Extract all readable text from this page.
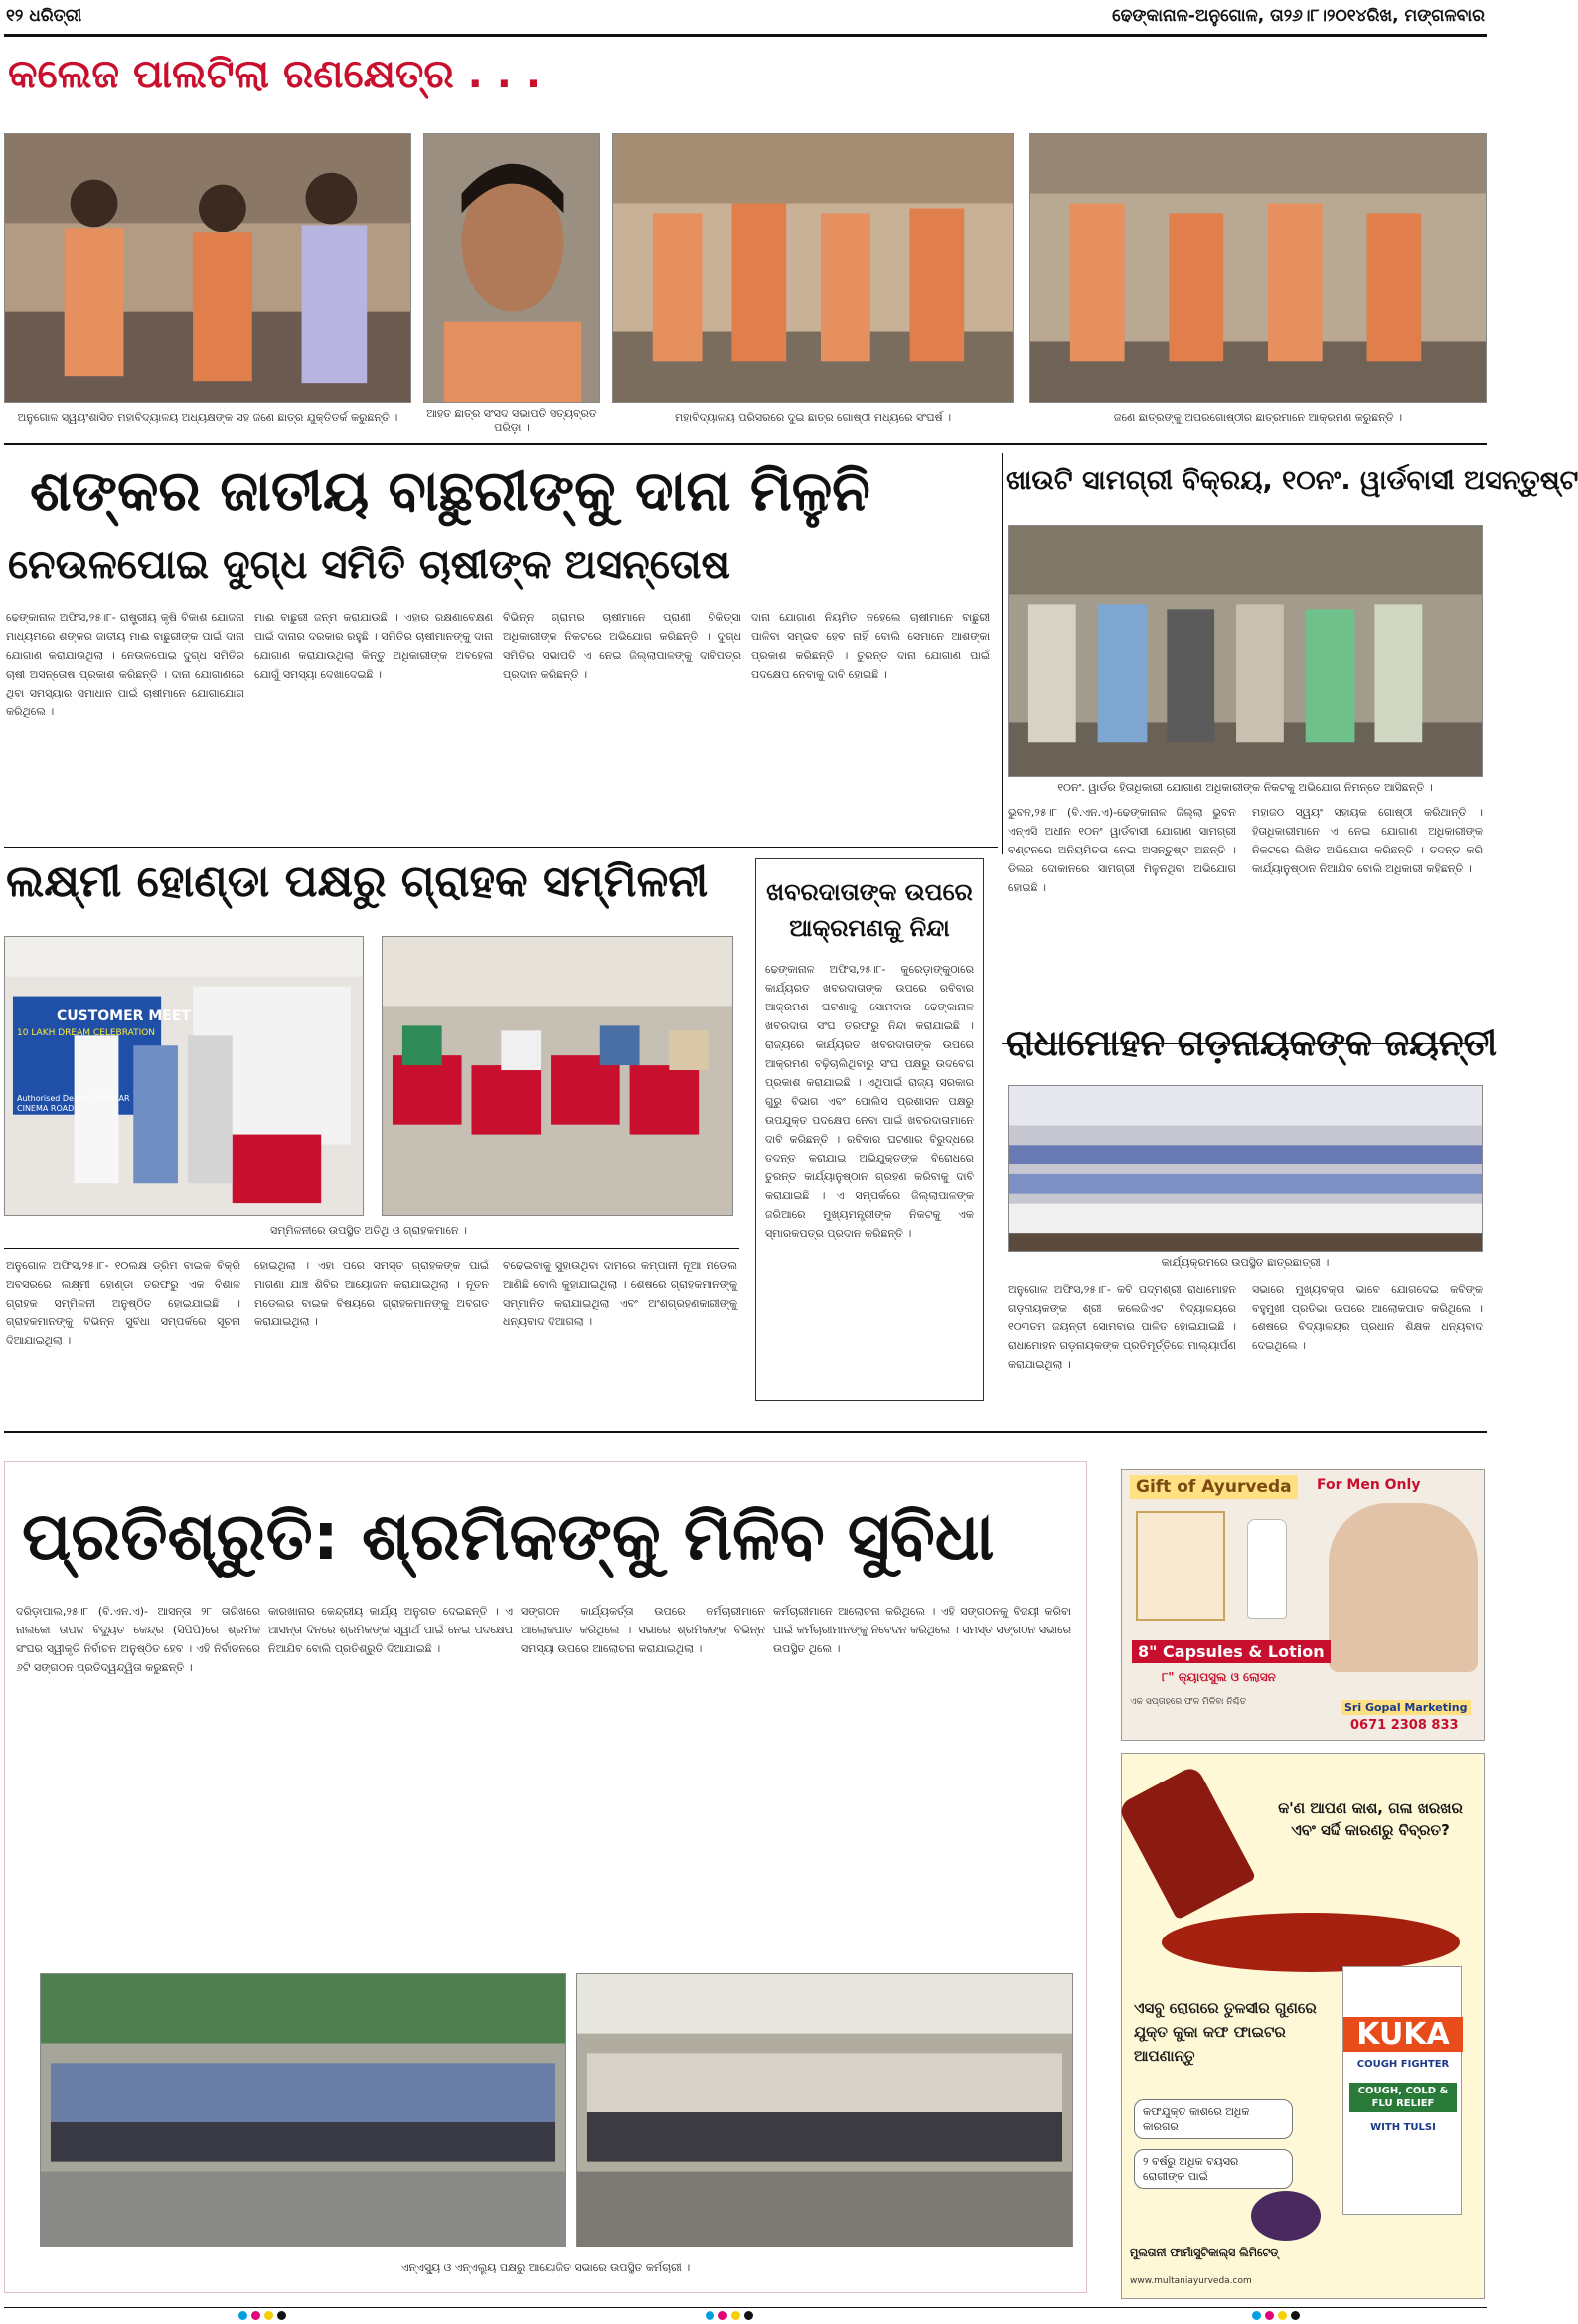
୧୨ ଧରିତ୍ରୀ	ଢେଙ୍କାନାଳ-ଅନୁଗୋଳ, ତା୨୬।୮।୨୦୧୪ରିଖ, ମଙ୍ଗଳବାର
କଲେଜ ପାଲଟିଲା ରଣକ୍ଷେତ୍ର . . .
ଅନୁଗୋଳ ସ୍ୱୟଂଶାସିତ ମହାବିଦ୍ୟାଳୟ ଅଧ୍ୟକ୍ଷଙ୍କ ସହ ଜଣେ ଛାତ୍ର ଯୁକ୍ତିତର୍କ କରୁଛନ୍ତି ।	ଆହତ ଛାତ୍ର ସଂସଦ ସଭାପତି ସତ୍ୟବ୍ରତ ପରିଡ଼ା ।
ମହାବିଦ୍ୟାଳୟ ପରିସରରେ ଦୁଇ ଛାତ୍ର ଗୋଷ୍ଠୀ ମଧ୍ୟରେ ସଂଘର୍ଷ ।	ଜଣେ ଛାତ୍ରଙ୍କୁ ଅପରଗୋଷ୍ଠୀର ଛାତ୍ରମାନେ ଆକ୍ରମଣ କରୁଛନ୍ତି ।
ଶଙ୍କର ଜାତୀୟ ବାଛୁରୀଙ୍କୁ ଦାନା ମିଳୁନି
ନେଉଳପୋଇ ଦୁଗ୍ଧ ସମିତି ଚାଷୀଙ୍କ ଅସନ୍ତୋଷ
ଢେଙ୍କାନାଳ ଅଫିସ,୨୫।୮- ରାଷ୍ଟ୍ରୀୟ କୃଷି ବିକାଶ ଯୋଜନା ମାଧ୍ୟମରେ ଶଙ୍କର ଜାତୀୟ ମାଈ ବାଛୁରୀଙ୍କ ପାଇଁ ଦାନା ଯୋଗାଣ କରାଯାଉଥିଲା । ନେଉଳପୋଇ ଦୁଗ୍ଧ ସମିତିର ଚାଷୀ ଅସନ୍ତୋଷ ପ୍ରକାଶ କରିଛନ୍ତି । ଦାନା ଯୋଗାଣରେ ଥିବା ସମସ୍ୟାର ସମାଧାନ ପାଇଁ ଚାଷୀମାନେ ଯୋଗାଯୋଗ କରିଥିଲେ ।
ମାଈ ବାଛୁରୀ ଜନ୍ମ କରାଯାଉଛି । ଏହାର ରକ୍ଷଣାବେକ୍ଷଣ ପାଇଁ ଦାନାର ଦରକାର ରହୁଛି । ସମିତିର ଚାଷୀମାନଙ୍କୁ ଦାନା ଯୋଗାଣ କରାଯାଉଥିଲା କିନ୍ତୁ ଅଧିକାରୀଙ୍କ ଅବହେଳା ଯୋଗୁଁ ସମସ୍ୟା ଦେଖାଦେଇଛି ।
ବିଭିନ୍ନ ଗ୍ରାମର ଚାଷୀମାନେ ପ୍ରାଣୀ ଚିକିତ୍ସା ଅଧିକାରୀଙ୍କ ନିକଟରେ ଅଭିଯୋଗ କରିଛନ୍ତି । ଦୁଗ୍ଧ ସମିତିର ସଭାପତି ଏ ନେଇ ଜିଲ୍ଲାପାଳଙ୍କୁ ଦାବିପତ୍ର ପ୍ରଦାନ କରିଛନ୍ତି ।
ଦାନା ଯୋଗାଣ ନିୟମିତ ନହେଲେ ଚାଷୀମାନେ ବାଛୁରୀ ପାଳିବା ସମ୍ଭବ ହେବ ନାହିଁ ବୋଲି ସେମାନେ ଆଶଙ୍କା ପ୍ରକାଶ କରିଛନ୍ତି । ତୁରନ୍ତ ଦାନା ଯୋଗାଣ ପାଇଁ ପଦକ୍ଷେପ ନେବାକୁ ଦାବି ହୋଇଛି ।
ଖାଉଟି ସାମଗ୍ରୀ ବିକ୍ରୟ, ୧୦ନଂ. ୱାର୍ଡବାସୀ ଅସନ୍ତୁଷ୍ଟ
୧୦ନଂ. ୱାର୍ଡର ହିତାଧିକାରୀ ଯୋଗାଣ ଅଧିକାରୀଙ୍କ ନିକଟକୁ ଅଭିଯୋଗ ନିମନ୍ତେ ଆସିଛନ୍ତି ।
ଭୁବନ,୨୫।୮ (ବି.ଏନ.ଏ)-ଢେଙ୍କାନାଳ ଜିଲ୍ଲା ଭୁବନ ଏନ୍ଏସି ଅଧୀନ ୧୦ନଂ ୱାର୍ଡବାସୀ ଯୋଗାଣ ସାମଗ୍ରୀ ବଣ୍ଟନରେ ଅନିୟମିତତା ନେଇ ଅସନ୍ତୁଷ୍ଟ ଅଛନ୍ତି । ଡିଲର ଦୋକାନରେ ସାମଗ୍ରୀ ମିଳୁନଥିବା ଅଭିଯୋଗ ହୋଇଛି ।
ମହାଜଠ ସ୍ୱୟଂ ସହାୟକ ଗୋଷ୍ଠୀ କରିଥାନ୍ତି । ହିତାଧିକାରୀମାନେ ଏ ନେଇ ଯୋଗାଣ ଅଧିକାରୀଙ୍କ ନିକଟରେ ଲିଖିତ ଅଭିଯୋଗ କରିଛନ୍ତି । ତଦନ୍ତ କରି କାର୍ଯ୍ୟାନୁଷ୍ଠାନ ନିଆଯିବ ବୋଲି ଅଧିକାରୀ କହିଛନ୍ତି ।
ଲକ୍ଷ୍ମୀ ହୋଣ୍ଡା ପକ୍ଷରୁ ଗ୍ରାହକ ସମ୍ମିଳନୀ
CUSTOMER MEET
10 LAKH DREAM CELEBRATION
Authorised Dealer SHANKAR CINEMA ROAD
ସମ୍ମିଳନୀରେ ଉପସ୍ଥିତ ଅତିଥି ଓ ଗ୍ରାହକମାନେ ।
ଅନୁଗୋଳ ଅଫିସ,୨୫।୮- ୧୦ଲକ୍ଷ ଡ୍ରିମ ବାଇକ ବିକ୍ରି ଅବସରରେ ଲକ୍ଷ୍ମୀ ହୋଣ୍ଡା ତରଫରୁ ଏକ ବିଶାଳ ଗ୍ରାହକ ସମ୍ମିଳନୀ ଅନୁଷ୍ଠିତ ହୋଇଯାଇଛି । ଗ୍ରାହକମାନଙ୍କୁ ବିଭିନ୍ନ ସୁବିଧା ସମ୍ପର୍କରେ ସୂଚନା ଦିଆଯାଇଥିଲା ।
ହୋଇଥିଲା । ଏହା ପରେ ସମସ୍ତ ଗ୍ରାହକଙ୍କ ପାଇଁ ମାଗଣା ଯାଞ୍ଚ ଶିବିର ଆୟୋଜନ କରାଯାଇଥିଲା । ନୂତନ ମଡେଲର ବାଇକ ବିଷୟରେ ଗ୍ରାହକମାନଙ୍କୁ ଅବଗତ କରାଯାଇଥିଲା ।
ବଢେଇବାକୁ ସୁହାଉଥିବା ଦାମରେ କମ୍ପାନୀ ନୂଆ ମଡେଲ ଆଣିଛି ବୋଲି କୁହାଯାଇଥିଲା । ଶେଷରେ ଗ୍ରାହକମାନଙ୍କୁ ସମ୍ମାନିତ କରାଯାଇଥିଲା ଏବଂ ଅଂଶଗ୍ରହଣକାରୀଙ୍କୁ ଧନ୍ୟବାଦ ଦିଆଗଲା ।
ଖବରଦାତାଙ୍କ ଉପରେ ଆକ୍ରମଣକୁ ନିନ୍ଦା
ଢେଙ୍କାନାଳ ଅଫିସ,୨୫।୮- କୁରେଡ଼ାଙ୍କୁଠାରେ କାର୍ଯ୍ୟରତ ଖବରଦାତାଙ୍କ ଉପରେ ରବିବାର ଆକ୍ରମଣ ଘଟଣାକୁ ସୋମବାର ଢେଙ୍କାନାଳ ଖବରଦାତା ସଂଘ ତରଫରୁ ନିନ୍ଦା କରାଯାଇଛି । ରାଜ୍ୟରେ କାର୍ଯ୍ୟରତ ଖବରଦାତାଙ୍କ ଉପରେ ଆକ୍ରମଣ ବଢ଼ିଚାଲିଥିବାରୁ ସଂଘ ପକ୍ଷରୁ ଉଦବେଗ ପ୍ରକାଶ କରାଯାଇଛି । ଏଥିପାଇଁ ରାଜ୍ୟ ସରକାର ଗୁରୁ ବିଭାଗ ଏବଂ ପୋଲିସ ପ୍ରଶାସନ ପକ୍ଷରୁ ଉପଯୁକ୍ତ ପଦକ୍ଷେପ ନେବା ପାଇଁ ଖବରଦାତାମାନେ ଦାବି କରିଛନ୍ତି । ରବିବାର ଘଟଣାର ବିରୁଦ୍ଧରେ ତଦନ୍ତ କରାଯାଇ ଅଭିଯୁକ୍ତଙ୍କ ବିରୋଧରେ ତୁରନ୍ତ କାର୍ଯ୍ୟାନୁଷ୍ଠାନ ଗ୍ରହଣ କରିବାକୁ ଦାବି କରାଯାଇଛି । ଏ ସମ୍ପର୍କରେ ଜିଲ୍ଲାପାଳଙ୍କ ଜରିଆରେ ମୁଖ୍ୟମନ୍ତ୍ରୀଙ୍କ ନିକଟକୁ ଏକ ସ୍ମାରକପତ୍ର ପ୍ରଦାନ କରିଛନ୍ତି ।
ରାଧାମୋହନ ଗଡ଼ନାୟକଙ୍କ ଜୟନ୍ତୀ
କାର୍ଯ୍ୟକ୍ରମରେ ଉପସ୍ଥିତ ଛାତ୍ରଛାତ୍ରୀ ।
ଅନୁଗୋଳ ଅଫିସ,୨୫।୮- କବି ପଦ୍ମଶ୍ରୀ ରାଧାମୋହନ ଗଡ଼ନାୟକଙ୍କ ଶ୍ରୀ କଲେଜିଏଟ ବିଦ୍ୟାଳୟରେ ୧୦୩ତମ ଜୟନ୍ତୀ ସୋମବାର ପାଳିତ ହୋଇଯାଇଛି । ରାଧାମୋହନ ଗଡ଼ନାୟକଙ୍କ ପ୍ରତିମୂର୍ତ୍ତିରେ ମାଲ୍ୟାର୍ପଣ କରାଯାଇଥିଲା ।
ସଭାରେ ମୁଖ୍ୟବକ୍ତା ଭାବେ ଯୋଗଦେଇ କବିଙ୍କ ବହୁମୁଖୀ ପ୍ରତିଭା ଉପରେ ଆଲୋକପାତ କରିଥିଲେ । ଶେଷରେ ବିଦ୍ୟାଳୟର ପ୍ରଧାନ ଶିକ୍ଷକ ଧନ୍ୟବାଦ ଦେଇଥିଲେ ।
ପ୍ରତିଶ୍ରୁତି: ଶ୍ରମିକଙ୍କୁ ମିଳିବ ସୁବିଧା
ଦରିଡ଼ାପାଲ,୨୫।୮ (ବି.ଏନ.ଏ)- ଆସନ୍ତା ୨୮ ତାରିଖରେ ନାଲକୋ ତାପଜ ବିଦ୍ୟୁତ କେନ୍ଦ୍ର (ସିପିପି)ରେ ଶ୍ରମିକ ସଂଘର ସ୍ୱୀକୃତି ନିର୍ବାଚନ ଅନୁଷ୍ଠିତ ହେବ । ଏହି ନିର୍ବାଚନରେ ୬ଟି ସଙ୍ଗଠନ ପ୍ରତିଦ୍ୱନ୍ଦ୍ୱିତା କରୁଛନ୍ତି ।
କାରଖାନାର କେନ୍ଦ୍ରୀୟ କାର୍ଯ୍ୟ ଅନୁଗତ ଦେଇଛନ୍ତି । ଏ ଆସନ୍ତା ଦିନରେ ଶ୍ରମିକଙ୍କ ସ୍ୱାର୍ଥ ପାଇଁ ନେଇ ପଦକ୍ଷେପ ନିଆଯିବ ବୋଲି ପ୍ରତିଶ୍ରୁତି ଦିଆଯାଇଛି ।
ସଙ୍ଗଠନ କାର୍ଯ୍ୟକର୍ତ୍ତା ଉପରେ କର୍ମଚାରୀମାନେ ଆଲୋକପାତ କରିଥିଲେ । ସଭାରେ ଶ୍ରମିକଙ୍କ ବିଭିନ୍ନ ସମସ୍ୟା ଉପରେ ଆଲୋଚନା କରାଯାଇଥିଲା ।
କର୍ମଚାରୀମାନେ ଆଲୋଚନା କରିଥିଲେ । ଏହି ସଙ୍ଗଠନକୁ ବିଜୟୀ କରିବା ପାଇଁ କର୍ମଚାରୀମାନଙ୍କୁ ନିବେଦନ କରିଥିଲେ । ସମସ୍ତ ସଙ୍ଗଠନ ସଭାରେ ଉପସ୍ଥିତ ଥିଲେ ।
ଏନ୍ଏସ୍ୟୁ ଓ ଏନ୍ଏଲ୍ୟୁ ପକ୍ଷରୁ ଆୟୋଜିତ ସଭାରେ ଉପସ୍ଥିତ କର୍ମଚାରୀ ।
Gift of Ayurveda	For Men Only
8" Capsules & Lotion
୮" କ୍ୟାପସୁଲ ଓ ଲୋସନ
ଏକ ସପ୍ତାହରେ ଫଳ ମିଳିବା ନିଶ୍ଚିତ	Sri Gopal Marketing
0671 2308 833
କ'ଣ ଆପଣ କାଶ, ଗଳା ଖରଖର ଏବଂ ସର୍ଦ୍ଦି କାରଣରୁ ବିବ୍ରତ?
ଏସବୁ ରୋଗରେ ତୁଳସୀର ଗୁଣରେ ଯୁକ୍ତ କୁକା କଫ ଫାଇଟର ଆପଣାନ୍ତୁ
କଫଯୁକ୍ତ କାଶରେ ଅଧିକ କାରଗର
୨ ବର୍ଷରୁ ଅଧିକ ବୟସର ରୋଗୀଙ୍କ ପାଇଁ
KUKA
COUGH FIGHTER
COUGH, COLD & FLU RELIEF
WITH TULSI
ମୁଲତାନୀ ଫାର୍ମାସୁଟିକାଲ୍ସ ଲିମିଟେଡ୍
www.multaniayurveda.com
